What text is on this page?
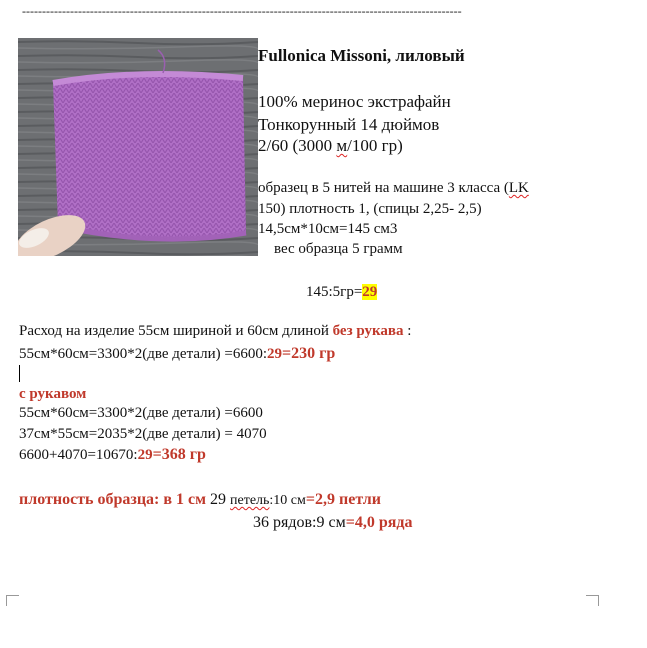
--------------------------------------------------------------------------------------------------------------
Fullonica Missoni, лиловый
100% меринос экстрафайн
Тонкорунный 14 дюймов
2/60 (3000 м/100 гр)
образец в 5 нитей на машине 3 класса (LK
150) плотность 1, (спицы 2,25- 2,5)
14,5см*10см=145 см3
вес образца 5 грамм
145:5гр=29
Расход на изделие 55см шириной и 60см длиной без рукава :
55см*60см=3300*2(две детали) =6600:29=230 гр
с рукавом
55см*60см=3300*2(две детали) =6600
37см*55см=2035*2(две детали) = 4070
6600+4070=10670:29=368 гр
плотность образца: в 1 см 29 петель:10 см=2,9 петли
36 рядов:9 см=4,0 ряда
